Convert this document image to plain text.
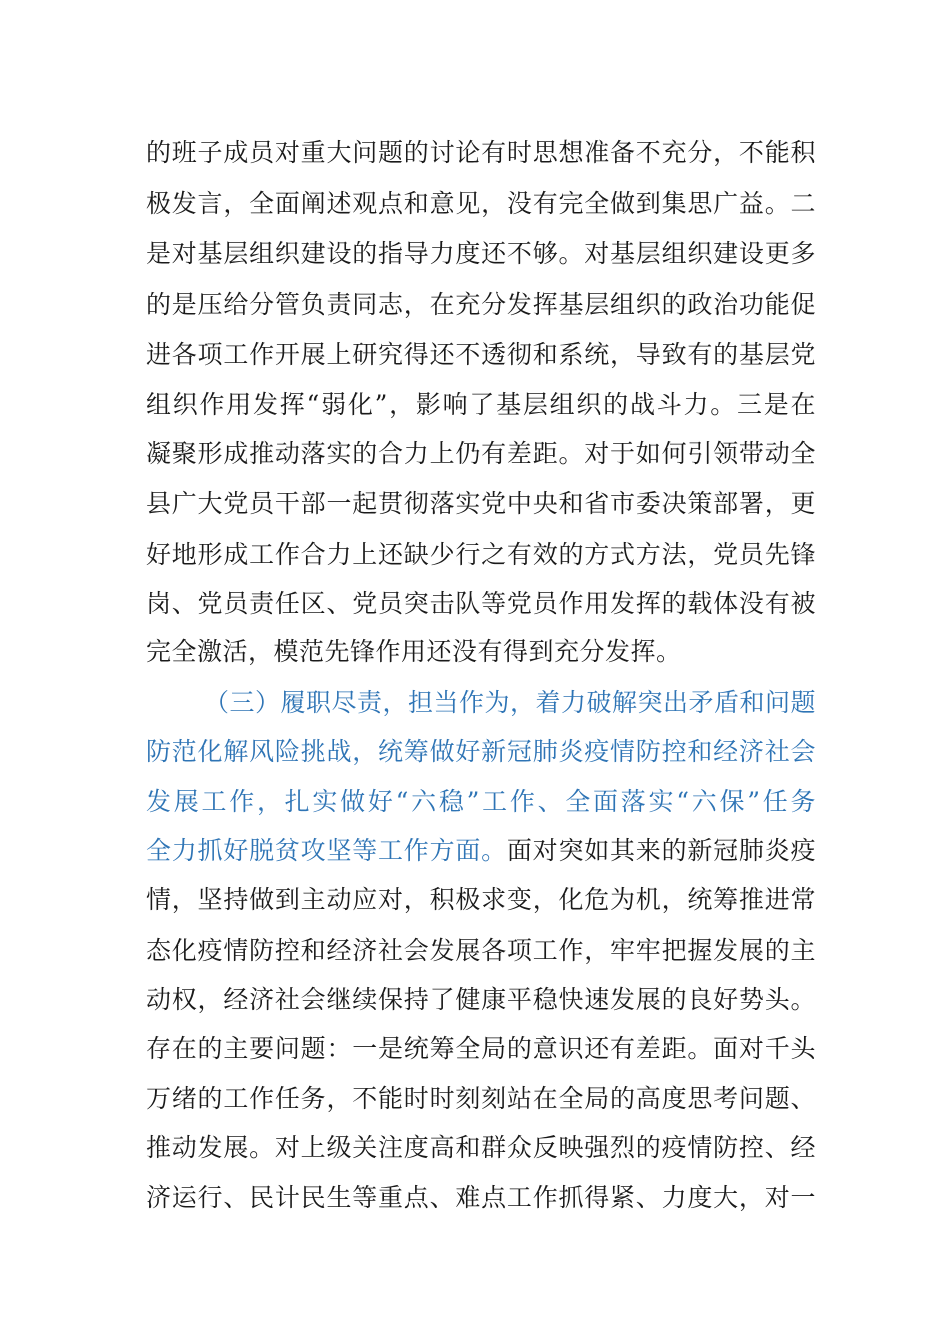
的班子成员对重大问题的讨论有时思想准备不充分，不能积
极发言，全面阐述观点和意见，没有完全做到集思广益。二
是对基层组织建设的指导力度还不够。对基层组织建设更多
的是压给分管负责同志，在充分发挥基层组织的政治功能促
进各项工作开展上研究得还不透彻和系统，导致有的基层党
组织作用发挥“弱化”，影响了基层组织的战斗力。三是在
凝聚形成推动落实的合力上仍有差距。对于如何引领带动全
县广大党员干部一起贯彻落实党中央和省市委决策部署，更
好地形成工作合力上还缺少行之有效的方式方法，党员先锋
岗、党员责任区、党员突击队等党员作用发挥的载体没有被
完全激活，模范先锋作用还没有得到充分发挥。
（三）履职尽责，担当作为，着力破解突出矛盾和问题
防范化解风险挑战，统筹做好新冠肺炎疫情防控和经济社会
发展工作，扎实做好“六稳”工作、全面落实“六保”任务
全力抓好脱贫攻坚等工作方面。面对突如其来的新冠肺炎疫
情，坚持做到主动应对，积极求变，化危为机，统筹推进常
态化疫情防控和经济社会发展各项工作，牢牢把握发展的主
动权，经济社会继续保持了健康平稳快速发展的良好势头。
存在的主要问题：一是统筹全局的意识还有差距。面对千头
万绪的工作任务，不能时时刻刻站在全局的高度思考问题、
推动发展。对上级关注度高和群众反映强烈的疫情防控、经
济运行、民计民生等重点、难点工作抓得紧、力度大，对一
